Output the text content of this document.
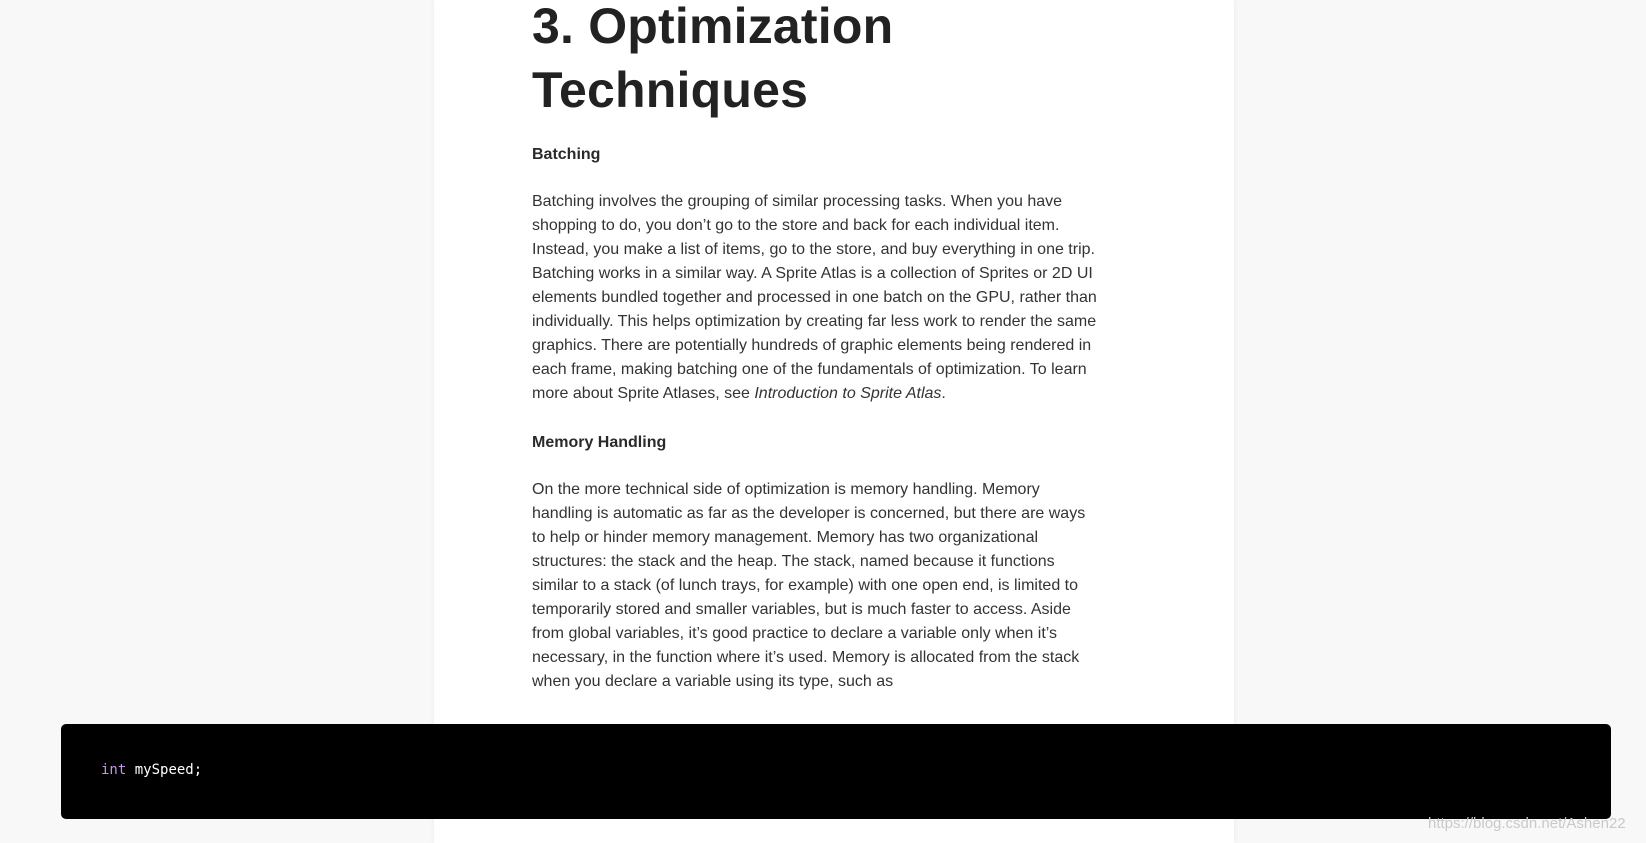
3. Optimization
Techniques
Batching
Batching involves the grouping of similar processing tasks. When you have
shopping to do, you don’t go to the store and back for each individual item.
Instead, you make a list of items, go to the store, and buy everything in one trip.
Batching works in a similar way. A Sprite Atlas is a collection of Sprites or 2D UI
elements bundled together and processed in one batch on the GPU, rather than
individually. This helps optimization by creating far less work to render the same
graphics. There are potentially hundreds of graphic elements being rendered in
each frame, making batching one of the fundamentals of optimization. To learn
more about Sprite Atlases, see Introduction to Sprite Atlas.
Memory Handling
On the more technical side of optimization is memory handling. Memory
handling is automatic as far as the developer is concerned, but there are ways
to help or hinder memory management. Memory has two organizational
structures: the stack and the heap. The stack, named because it functions
similar to a stack (of lunch trays, for example) with one open end, is limited to
temporarily stored and smaller variables, but is much faster to access. Aside
from global variables, it’s good practice to declare a variable only when it’s
necessary, in the function where it’s used. Memory is allocated from the stack
when you declare a variable using its type, such as
int mySpeed;
https://blog.csdn.net/Ashen22
